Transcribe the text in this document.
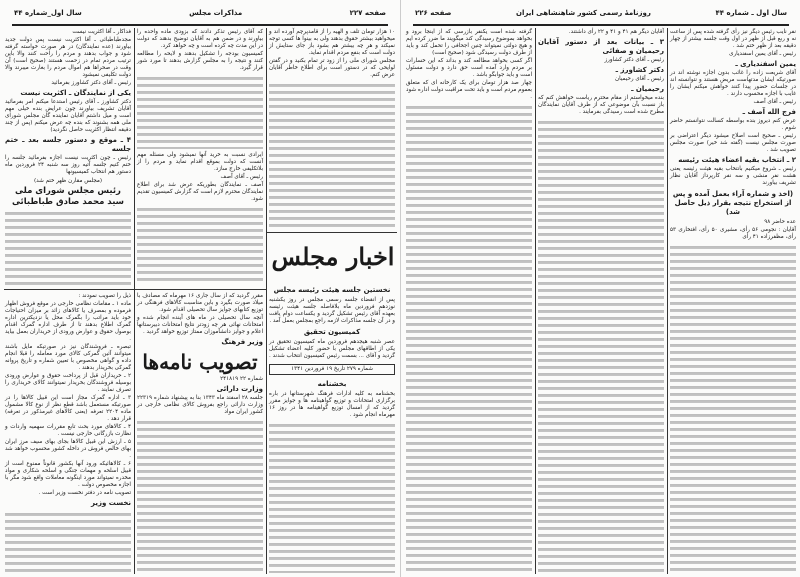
صفحه ۲۲۷
مذاکرات مجلس
سال اول_شماره ۴۴

فداکار ـ آقا اکثریت نیست

مجدطباطبائی ـ آقا اکثریت نیست پس دولت جدید بیاورند (عده نمایندگان) در هر صورت خواسته گرفته شود و جواب بدهند و مردم را راحت کنند والا باین ترتیب مردم تمام در زحمت هستند (صحیح است) آن وقت در صحراها هم اموال مردم را بغارت میبرند والا دولت تکلیفی نمیشود

رئیس ـ آقای دکتر کشاورز بفرمائید

یکی از نمایندگان ـ اکثریت نیست

دکتر کشاورز ـ آقای رئیس استدعا میکنم امر بفرمائید آقایان تشریف بیاورند چون عرایض بنده خیلی مهم است و میل داشتم آقایان نماینده گان مجلس شورای ملی همه بشنوند که بنده چه عرض میکنم (پس از چند دقیقه انتظار اکثریت حاصل نگردید)

۴ ـ موقع و دستور جلسه بعد ـ ختم جلسه

رئیس ـ چون اکثریت نیست اجازه بفرمائید جلسه را ختم کنیم جلسه آتیه روز سه شنبه ۲۴ فروردین ماه دستور هم انتخاب کمیسیونها

(مجلس مقارن ظهر ختم شد)

رئیس مجلس شورای ملی
سید محمد صادق طباطبائی

که آقای رئیس تذکر دادند که بزودی ماده واحده را بیاورند و در ضمن هم به آقایان توضیح بدهند که دولت در این مدت چه کرده است و چه خواهد کرد.

کمیسیون بودجه را تشکیل بدهند و لایحه را مطالعه کنند و نتیجه را به مجلس گزارش بدهند تا مورد شور قرار گیرد.

ایرادی نسبت به خرید آنها نمیشود ولی مسئله مهم آنست که دولت بموقع اقدام نماید و مردم را از بلاتکلیفی خارج سازد.

رئیس ـ آقای آصف

آصف ـ نمایندگان بطوریکه عرض شد برای اطلاع نمایندگان محترم لازم است که گزارش کمیسیون تقدیم شود.

۱۰ هزار تومان تلف و الهیه را از قامدپرچم آورده اند و میخواهید بیشتر حقوق بدهند ولی به بینوا ها کسی توجه نمیکند و هر چه بیشتر هم بشود باز جای ستایش از دولت است که بنفع مردم اقدام نماید.

مجلس شورای ملی را از زود تر تمام بکنید و در گفتن لوایحی که در دستور است برای اطلاع خاطر آقایان عرض کنم.

اخبار مجلس
نخستین جلسه هیئت رئیسه مجلس

پس از انقضاء جلسه رسمی مجلس در روز یکشنبه نوزدهم فروردین ماه بلافاصله جلسه هیئت رئیسه بعهده آقای رئیس تشکیل گردید و یکساعت دوام یافت و در آن جلسه مذاکرات لازمه راجع بمجلس بعمل آمد .

کمیسیون تحقیق

عصر شنبه هیجدهم فروردین ماه کمیسیون تحقیق در یکی از اطاقهای مجلس با حضور کلیه اعضاء تشکیل گردید و آقای ... بسمت رئیس کمیسیون انتخاب شدند .

شماره ۲۷۹ تاریخ ۱۹ فروردین ۱۳۴۱
بخشنامه

بخشنامه به کلیه ادارات فرهنگ شهرستانها در باره برگزاری امتحانات و توزیع گواهینامه ها و جوایز مقرر گردید که از امسال توزیع گواهینامه ها در روز ۱۶ مهرماه انجام شود .

ذیل را تصویب نمودند :

ماده ۱ ـ مقامات نظامی خارجی در موقع فروش اظهار فرموده و بمصرف یا کالاهای زائد بر میزان احتیاجات خود باید مراتب را بگمرک محل یا نزدیکترین اداره گمرک اطلاع بدهند تا از طرف اداره گمرک اقدام بوصول حقوق و عوارض ورودی از خریداران بعمل بیاید .

تبصره ـ فروشندگان نیز در صورتیکه مایل باشند میتوانند آئین گمرکی کالای مورد معامله را قبلا انجام داده و گواهی مخصوص با تعیین شماره و تاریخ پروانه گمرکی بخریدار بدهند .

۲ ـ خریداران قبل از پرداخت حقوق و عوارض ورودی بوسیله فروشندگان بخریدار نمیتوانند کالای خریداری را تصرف نمایند .

۳ ـ اداره گمرک مجاز است این قبیل کالاها را در صورتیکه مستعمل باشد قطع نظر از نوع کالا مشمول ماده ۲۲۰۴ تعرفه (یعنی کالاهای غیرمذکور در تعرفه) قرار دهد .

۴ ـ کالاهای مورد بحث تابع مقررات سهمیه واردات و نظارت بازرگانی خارجی نیست .

۵ ـ ارزش این قبیل کالاها بجای بهای سیف مرز ایران بهای خالص فروش در داخله کشور محسوب خواهد شد .

۶ ـ کالاهائیکه ورود آنها بکشور قانوناً ممنوع است از قبیل اسلحه و مهمات جنگی و اسلحه شکاری و مواد مخدره نمیتواند مورد اینگونه معاملات واقع شود مگر با اجازه مخصوص دولت .

تصویب نامه در دفتر نخست وزیر است .

نخست وزیر

مقرر گردید که از سال جاری ۱۶ مهرماه که مصادف با میلاد صورت بگیرد و باین مناسبت کالاهای فرهنگی در توزیع کتابهای جوایز سال تحصیلی اقدام شود.

آنچه سال تحصیلی در ماه های آینده انجام شده و امتحانات نهائی هر چه زودتر نتایج امتحانات دبیرستانها اعلام و جوایز دانشآموزان ممتاز توزیع خواهد گردید .

وزیر فرهنگ
تصویب نامه‌ها

شماره ۲۲ ۲۴۱۸۱۹

وزارت دارائی

جلسه ۲۸ اسفند ماه ۱۳۴۳ بنا به پیشنهاد شماره ۲۲۳۱۹ وزارت دارائی راجع بفروش کالای نظامی خارجی در کشور ایران مواد

سال اول ـ شماره ۴۴
روزنامهٔ رسمی کشور شاهنشاهی ایران
صفحه ۲۲۶

گرفته شده است یکنفر بازرسی که از اینجا برود و بخواهد بموضوع رسیدگی کند میگویند ما ضرر کرده ایم و هیچ دولتی نمیتواند چنین اجحافی را تحمل کند و باید از طرف دولت رسیدگی شود (صحیح است)

اگر کسی بخواهد مطالعه کند و بداند که این خسارات بر مردم وارد آمده است حق دارد و دولت مسئول است و باید جوابگو باشد .

چهار صد هزار تومان برای یک کارخانه ای که متعلق بعموم مردم است و باید تحت مراقبت دولت اداره شود .

آقایان دیگر هم ۴۱ و ۴۱ و ۲۲ رأی داشتند.

۳ ـ بیانات بعد از دستور آقایان رحیمیان و صفائی

رئیس ـ آقای دکتر کشاورز

دکتر کشاورز ـ

رئیس ـ آقای رحیمیان

رحیمیان ـ

بنده میخواستم از مقام محترم ریاست خواهش کنم که باز نسبت بآن موضوعی که از طرف آقایان نمایندگان مطرح شده است رسیدگی بفرمایند .

نفر نایب رئیس دیگر نیز رأی گرفته شده پس از ساعت نه و ربع قبل از ظهر در اول وقت جلسه بیشتر از چهار دقیقه بعد از ظهر ختم شد .

رئیس ـ آقای یمین اسفندیاری

یمین اسفندیاری ـ

آقای شریعت زاده را غائب بدون اجازه نوشته اند در صورتیکه ایشان مدتهاست مریض هستند و نتوانسته اند در جلسات حضور پیدا کنند خواهش میکنم ایشان را غایب با اجازه محسوب دارند .

رئیس ـ آقای آصف

فرج الله آصف ـ

عرض کنم دیروز بنده بواسطه کسالت نتوانستم حاضر شوم .

رئیس ـ صحیح است اصلاح میشود دیگر اعتراضی بر صورت مجلس نیست (گفته شد خیر) صورت مجلس تصویب شد .

۲ ـ انتخاب بقیه اعضاء هیئت رئیسه

رئیس ـ شروع میکنیم بانتخاب بقیه هیئت رئیسه یعنی هشت نفر منشی و سه نفر کارپرداز آقایان نظار تشریف بیاورند

(اخذ و شماره آراء بعمل آمده و پس از استخراج نتیجه بقرار ذیل حاصل شد)

عده حاضر ۹۸

آقایان : نجومی ۵۶ رأی، مشیری ۵۰ رأی، افتخاری ۵۳ رأی، مظفرزاده ۴۱ رأی
